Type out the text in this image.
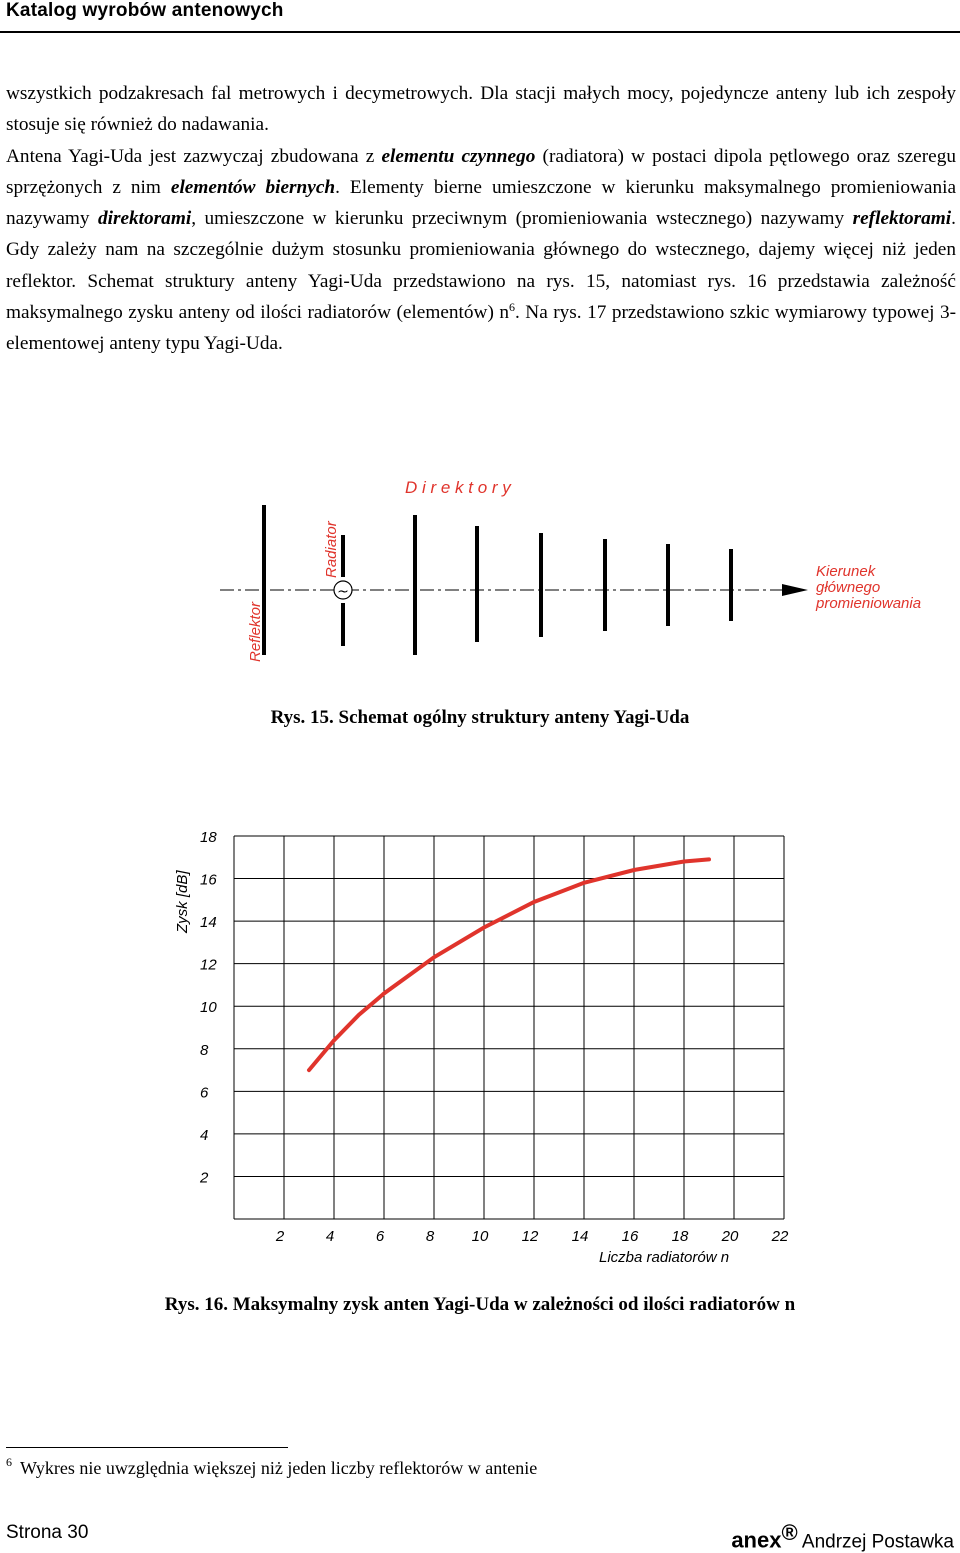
Katalog wyrobów antenowych

wszystkich podzakresach fal metrowych i decymetrowych. Dla stacji małych mocy, pojedyncze anteny lub ich zespoły stosuje się również do nadawania.

Antena Yagi-Uda jest zazwyczaj zbudowana z elementu czynnego (radiatora) w postaci dipola pętlowego oraz szeregu sprzężonych z nim elementów biernych. Elementy bierne umieszczone w kierunku maksymalnego promieniowania nazywamy direktorami, umieszczone w kierunku przeciwnym (promieniowania wstecznego) nazywamy reflektorami. Gdy zależy nam na szczególnie dużym stosunku promieniowania głównego do wstecznego, dajemy więcej niż jeden reflektor. Schemat struktury anteny Yagi-Uda przedstawiono na rys. 15, natomiast rys. 16 przedstawia zależność maksymalnego zysku anteny od ilości radiatorów (elementów) $n^6$. Na rys. 17 przedstawiono szkic wymiarowy typowej 3-elementowej anteny typu Yagi-Uda.

D i r e k t o r y
~
Reflektor
Radiator	Kierunek
głównego
promieniowania
Rys. 15. Schemat ogólny struktury anteny Yagi-Uda
18
16
14
12
10
8
6
4
2
2	4	6	8 10 12 14 16 18 20 22
Zysk [dB]
Liczba radiatorów n
Rys. 16. Maksymalny zysk anten Yagi-Uda w zależności od ilości radiatorów n
$^6$ Wykres nie uwzględnia większej niż jeden liczby reflektorów w antenie
Strona 30	anex® Andrzej Postawka
